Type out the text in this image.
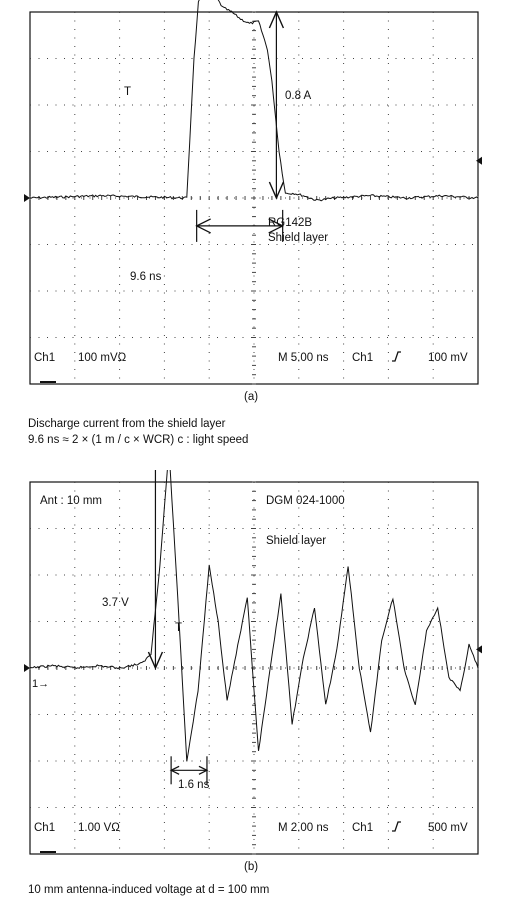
0.8 A
9.6 ns
RG142B
Shield layer
T
Ch1 100 mVΩ	M 5.00 ns Ch1	100 mV
(a)
Discharge current from the shield layer
9.6 ns ≈ 2 × (1 m / c × WCR) c : light speed
3.7 V
1.6 ns
Ant : 10 mm	DGM 024-1000
Shield layer
T
1→
Ch1 1.00 VΩ	M 2.00 ns Ch1	500 mV
(b)
10 mm antenna-induced voltage at d = 100 mm
